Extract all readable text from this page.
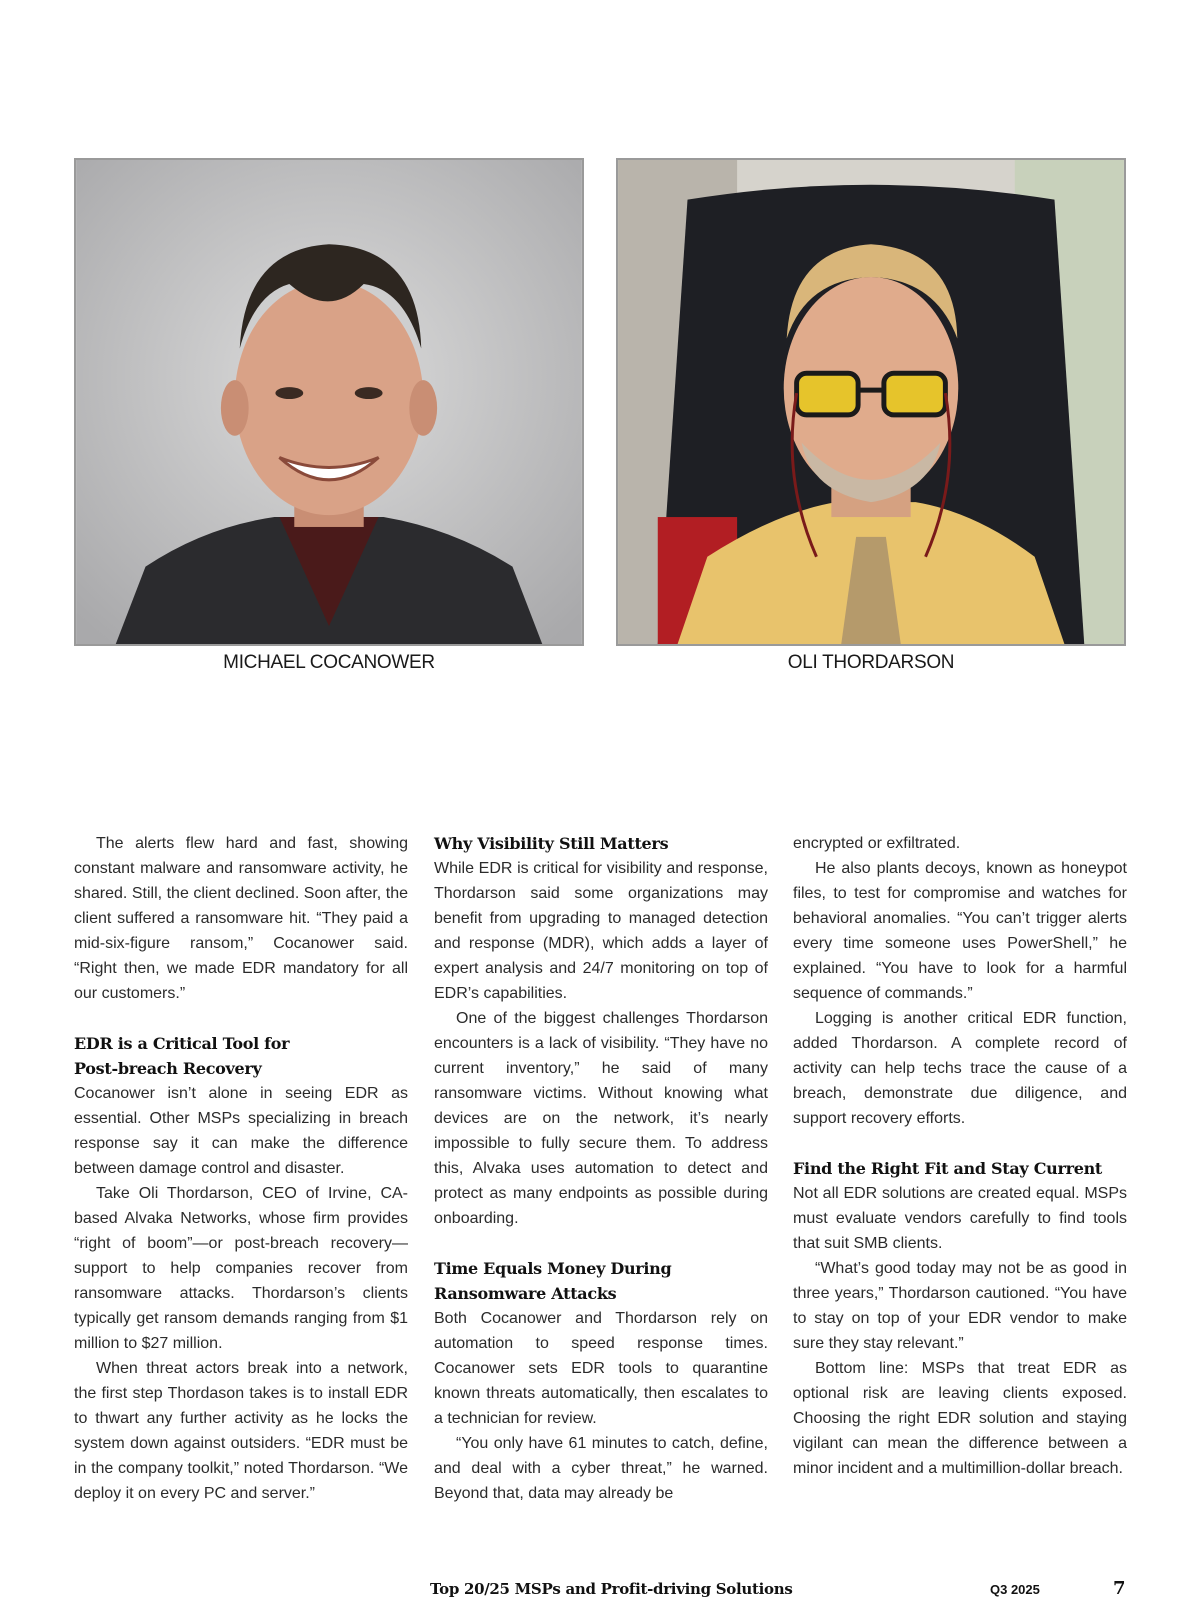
MICHAEL COCANOWER	OLI THORDARSON

The alerts flew hard and fast, showing constant malware and ransomware activity, he shared. Still, the client declined. Soon after, the client suffered a ransomware hit. “They paid a mid-six-figure ransom,” Cocanower said. “Right then, we made EDR mandatory for all our customers.”

EDR is a Critical Tool for
Post-breach Recovery

Cocanower isn’t alone in seeing EDR as essential. Other MSPs specializing in breach response say it can make the difference between damage control and disaster.

Take Oli Thordarson, CEO of Irvine, CA-based Alvaka Networks, whose firm provides “right of boom”—or post-breach recovery—support to help companies recover from ransomware attacks. Thordarson’s clients typically get ransom demands ranging from $1 million to $27 million.

When threat actors break into a network, the first step Thordason takes is to install EDR to thwart any further activity as he locks the system down against outsiders. “EDR must be in the company toolkit,” noted Thordarson. “We deploy it on every PC and server.”

Why Visibility Still Matters

While EDR is critical for visibility and response, Thordarson said some organizations may benefit from upgrading to managed detection and response (MDR), which adds a layer of expert analysis and 24/7 monitoring on top of EDR’s capabilities.

One of the biggest challenges Thordarson encounters is a lack of visibility. “They have no current inventory,” he said of many ransomware victims. Without knowing what devices are on the network, it’s nearly impossible to fully secure them. To address this, Alvaka uses automation to detect and protect as many endpoints as possible during onboarding.

Time Equals Money During
Ransomware Attacks

Both Cocanower and Thordarson rely on automation to speed response times. Cocanower sets EDR tools to quarantine known threats automatically, then escalates to a technician for review.

“You only have 61 minutes to catch, define, and deal with a cyber threat,” he warned. Beyond that, data may already be

encrypted or exfiltrated.

He also plants decoys, known as honeypot files, to test for compromise and watches for behavioral anomalies. “You can’t trigger alerts every time someone uses PowerShell,” he explained. “You have to look for a harmful sequence of commands.”

Logging is another critical EDR function, added Thordarson. A complete record of activity can help techs trace the cause of a breach, demonstrate due diligence, and support recovery efforts.

Find the Right Fit and Stay Current

Not all EDR solutions are created equal. MSPs must evaluate vendors carefully to find tools that suit SMB clients.

“What’s good today may not be as good in three years,” Thordarson cautioned. “You have to stay on top of your EDR vendor to make sure they stay relevant.”

Bottom line: MSPs that treat EDR as optional risk are leaving clients exposed. Choosing the right EDR solution and staying vigilant can mean the difference between a minor incident and a multimillion-dollar breach.

Top 20/25 MSPs and Profit-driving Solutions	Q3 2025	7
